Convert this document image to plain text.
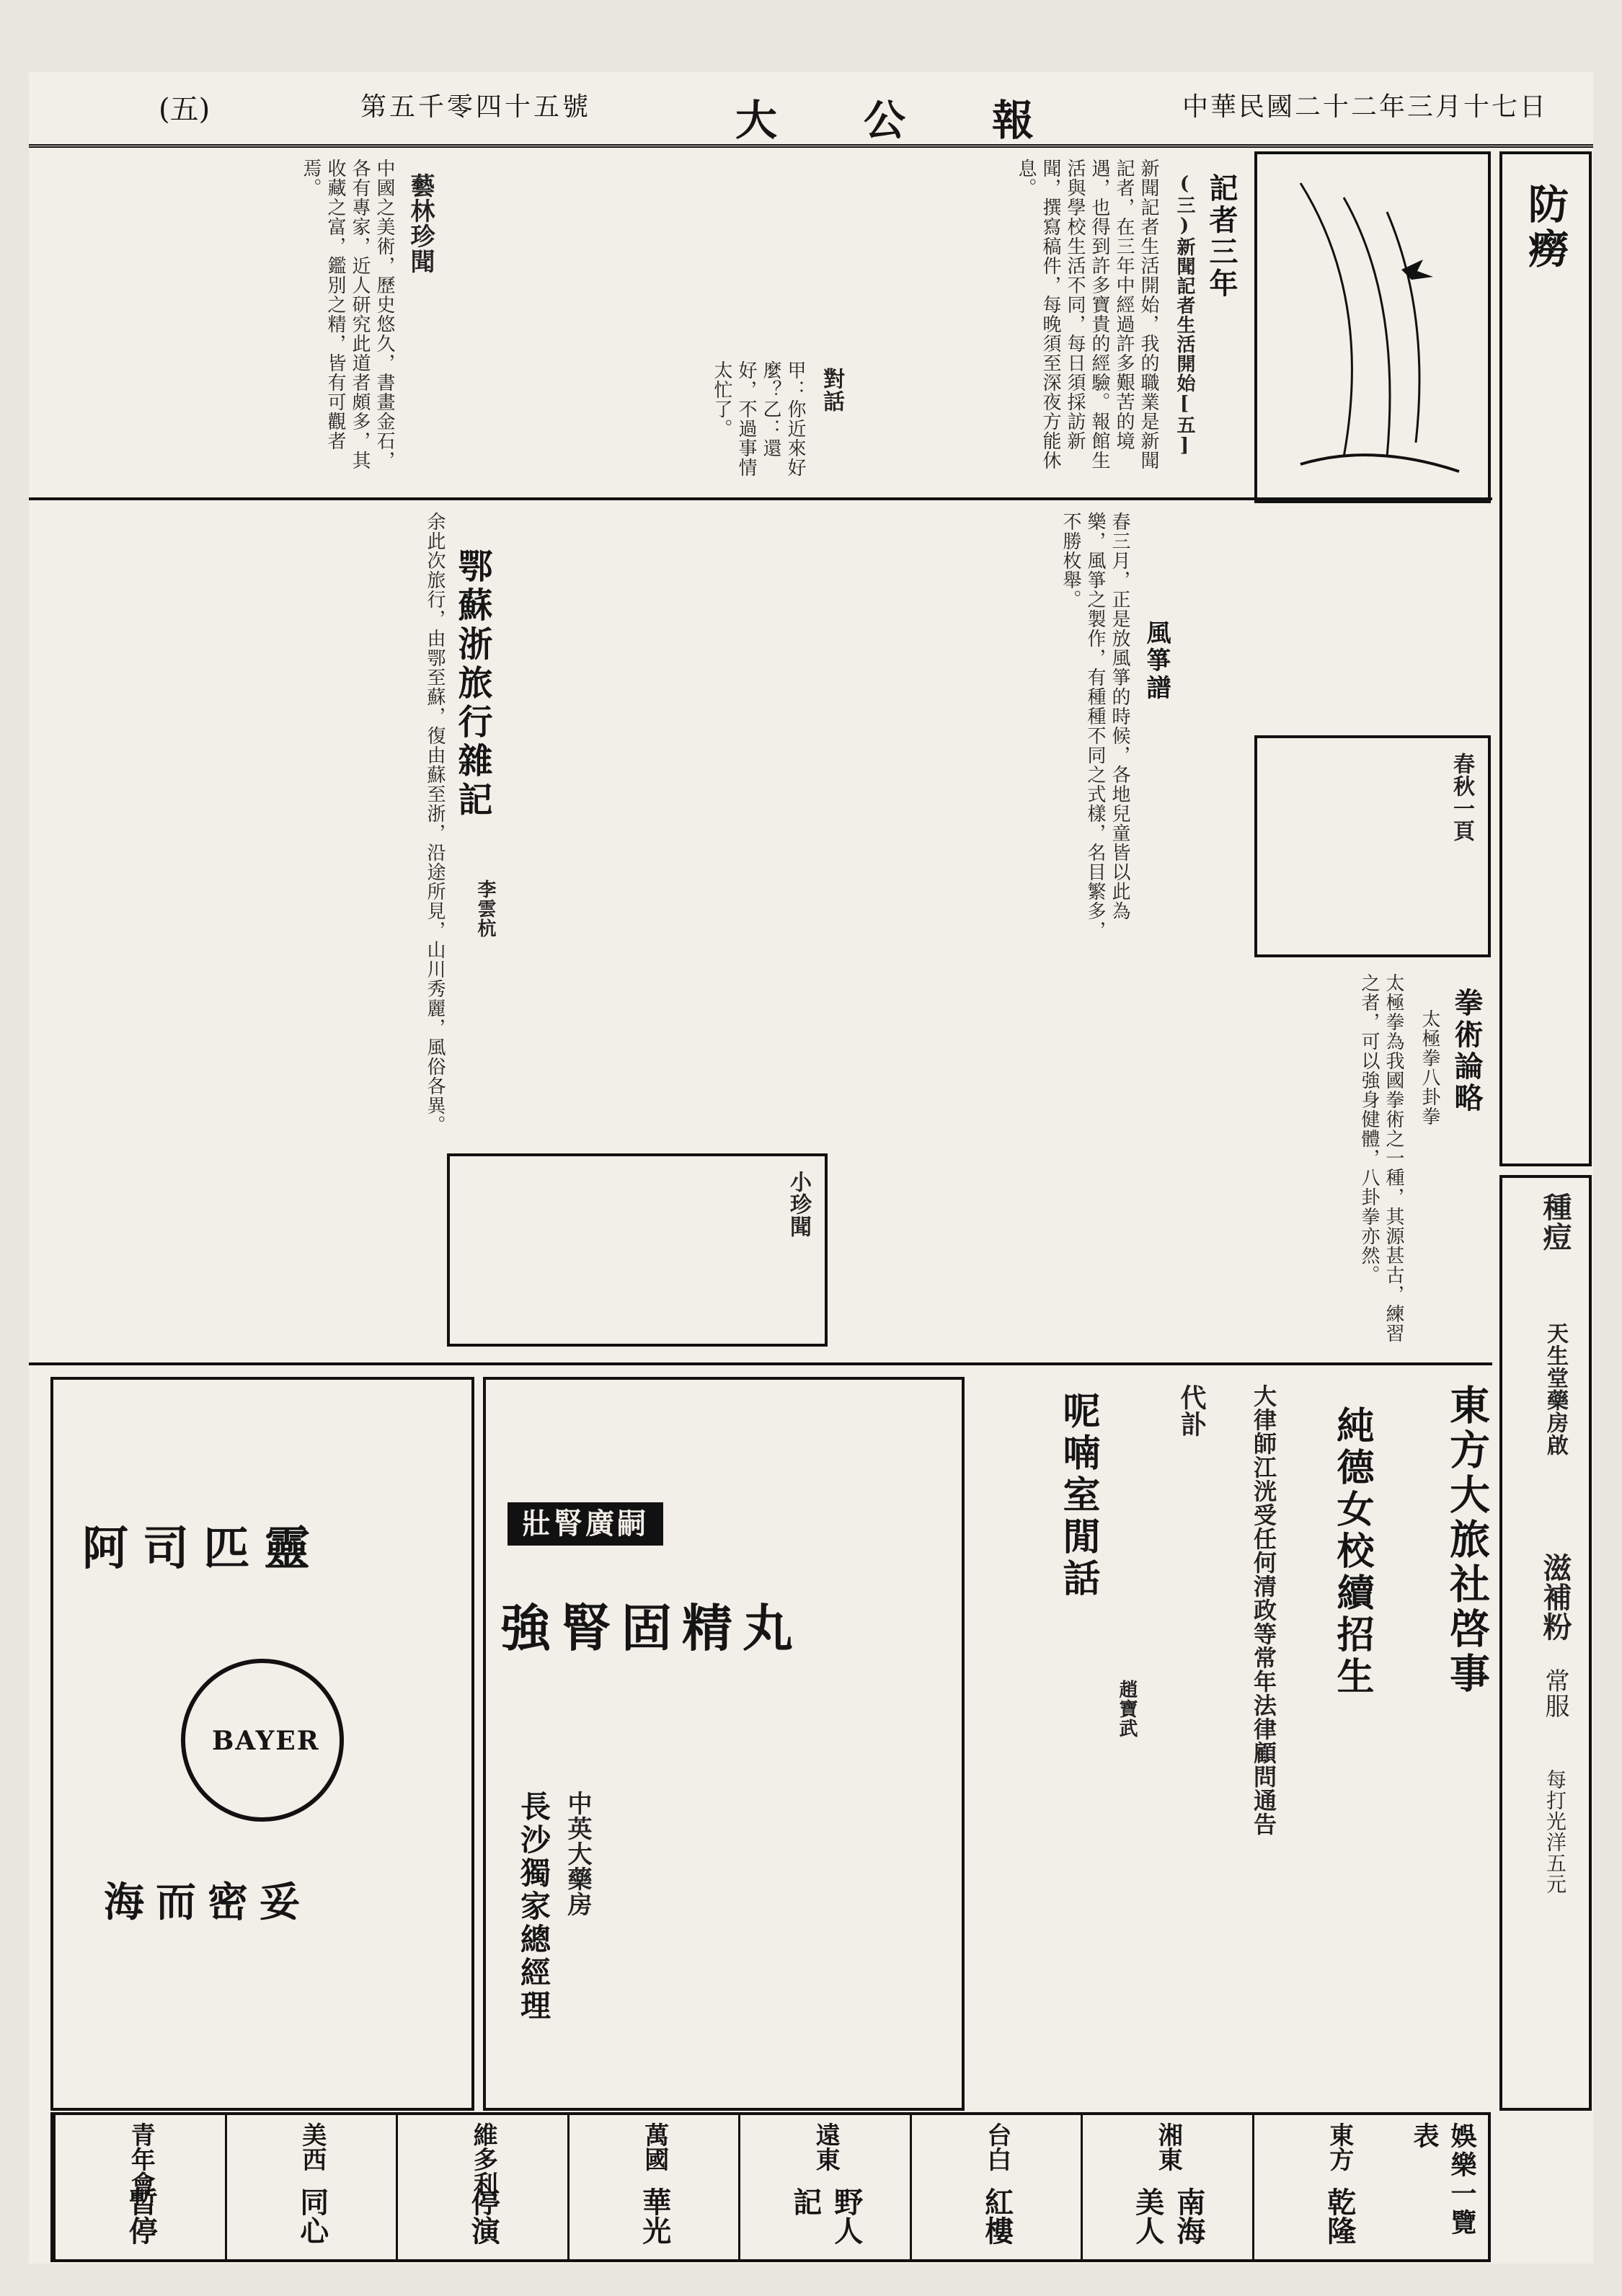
(五)	第五千零四十五號	大公報 中華民國二十二年三月十七日
防癆
記者三年
(三)新聞記者生活開始[五]
新聞記者生活開始，我的職業是新聞記者，在三年中經過許多艱苦的境遇，也得到許多寶貴的經驗。報館生活與學校生活不同，每日須採訪新聞，撰寫稿件，每晚須至深夜方能休息。
藝林珍聞
中國之美術，歷史悠久，書畫金石，各有專家，近人研究此道者頗多，其收藏之富，鑑別之精，皆有可觀者焉。
對話
甲：你近來好麼？乙：還好，不過事情太忙了。
風箏譜
春三月，正是放風箏的時候，各地兒童皆以此為樂，風箏之製作，有種種不同之式樣，名目繁多，不勝枚舉。
春秋一頁
拳術論略
太極拳八卦拳
太極拳為我國拳術之一種，其源甚古，練習之者，可以強身健體，八卦拳亦然。
鄂蘇浙旅行雜記
李雲杭
余此次旅行，由鄂至蘇，復由蘇至浙，沿途所見，山川秀麗，風俗各異。
小珍聞
阿司匹靈
BAYER
海而密妥
壯腎廣嗣
強腎固精丸
長沙獨家總經理 中英大藥房
呢喃室閒話
趙寶武
東方大旅社啓事
純德女校續招生
大律師江洸受任何清政等常年法律顧問通告
代訃
種痘
天生堂藥房啟
滋補粉
常服
每打光洋五元
娛樂一覽表
東方
乾隆
湘東
南海美人
台白
紅樓
遠東
野人記
萬國
華光
維多利
停演
美西
同心
青年會
暫停
